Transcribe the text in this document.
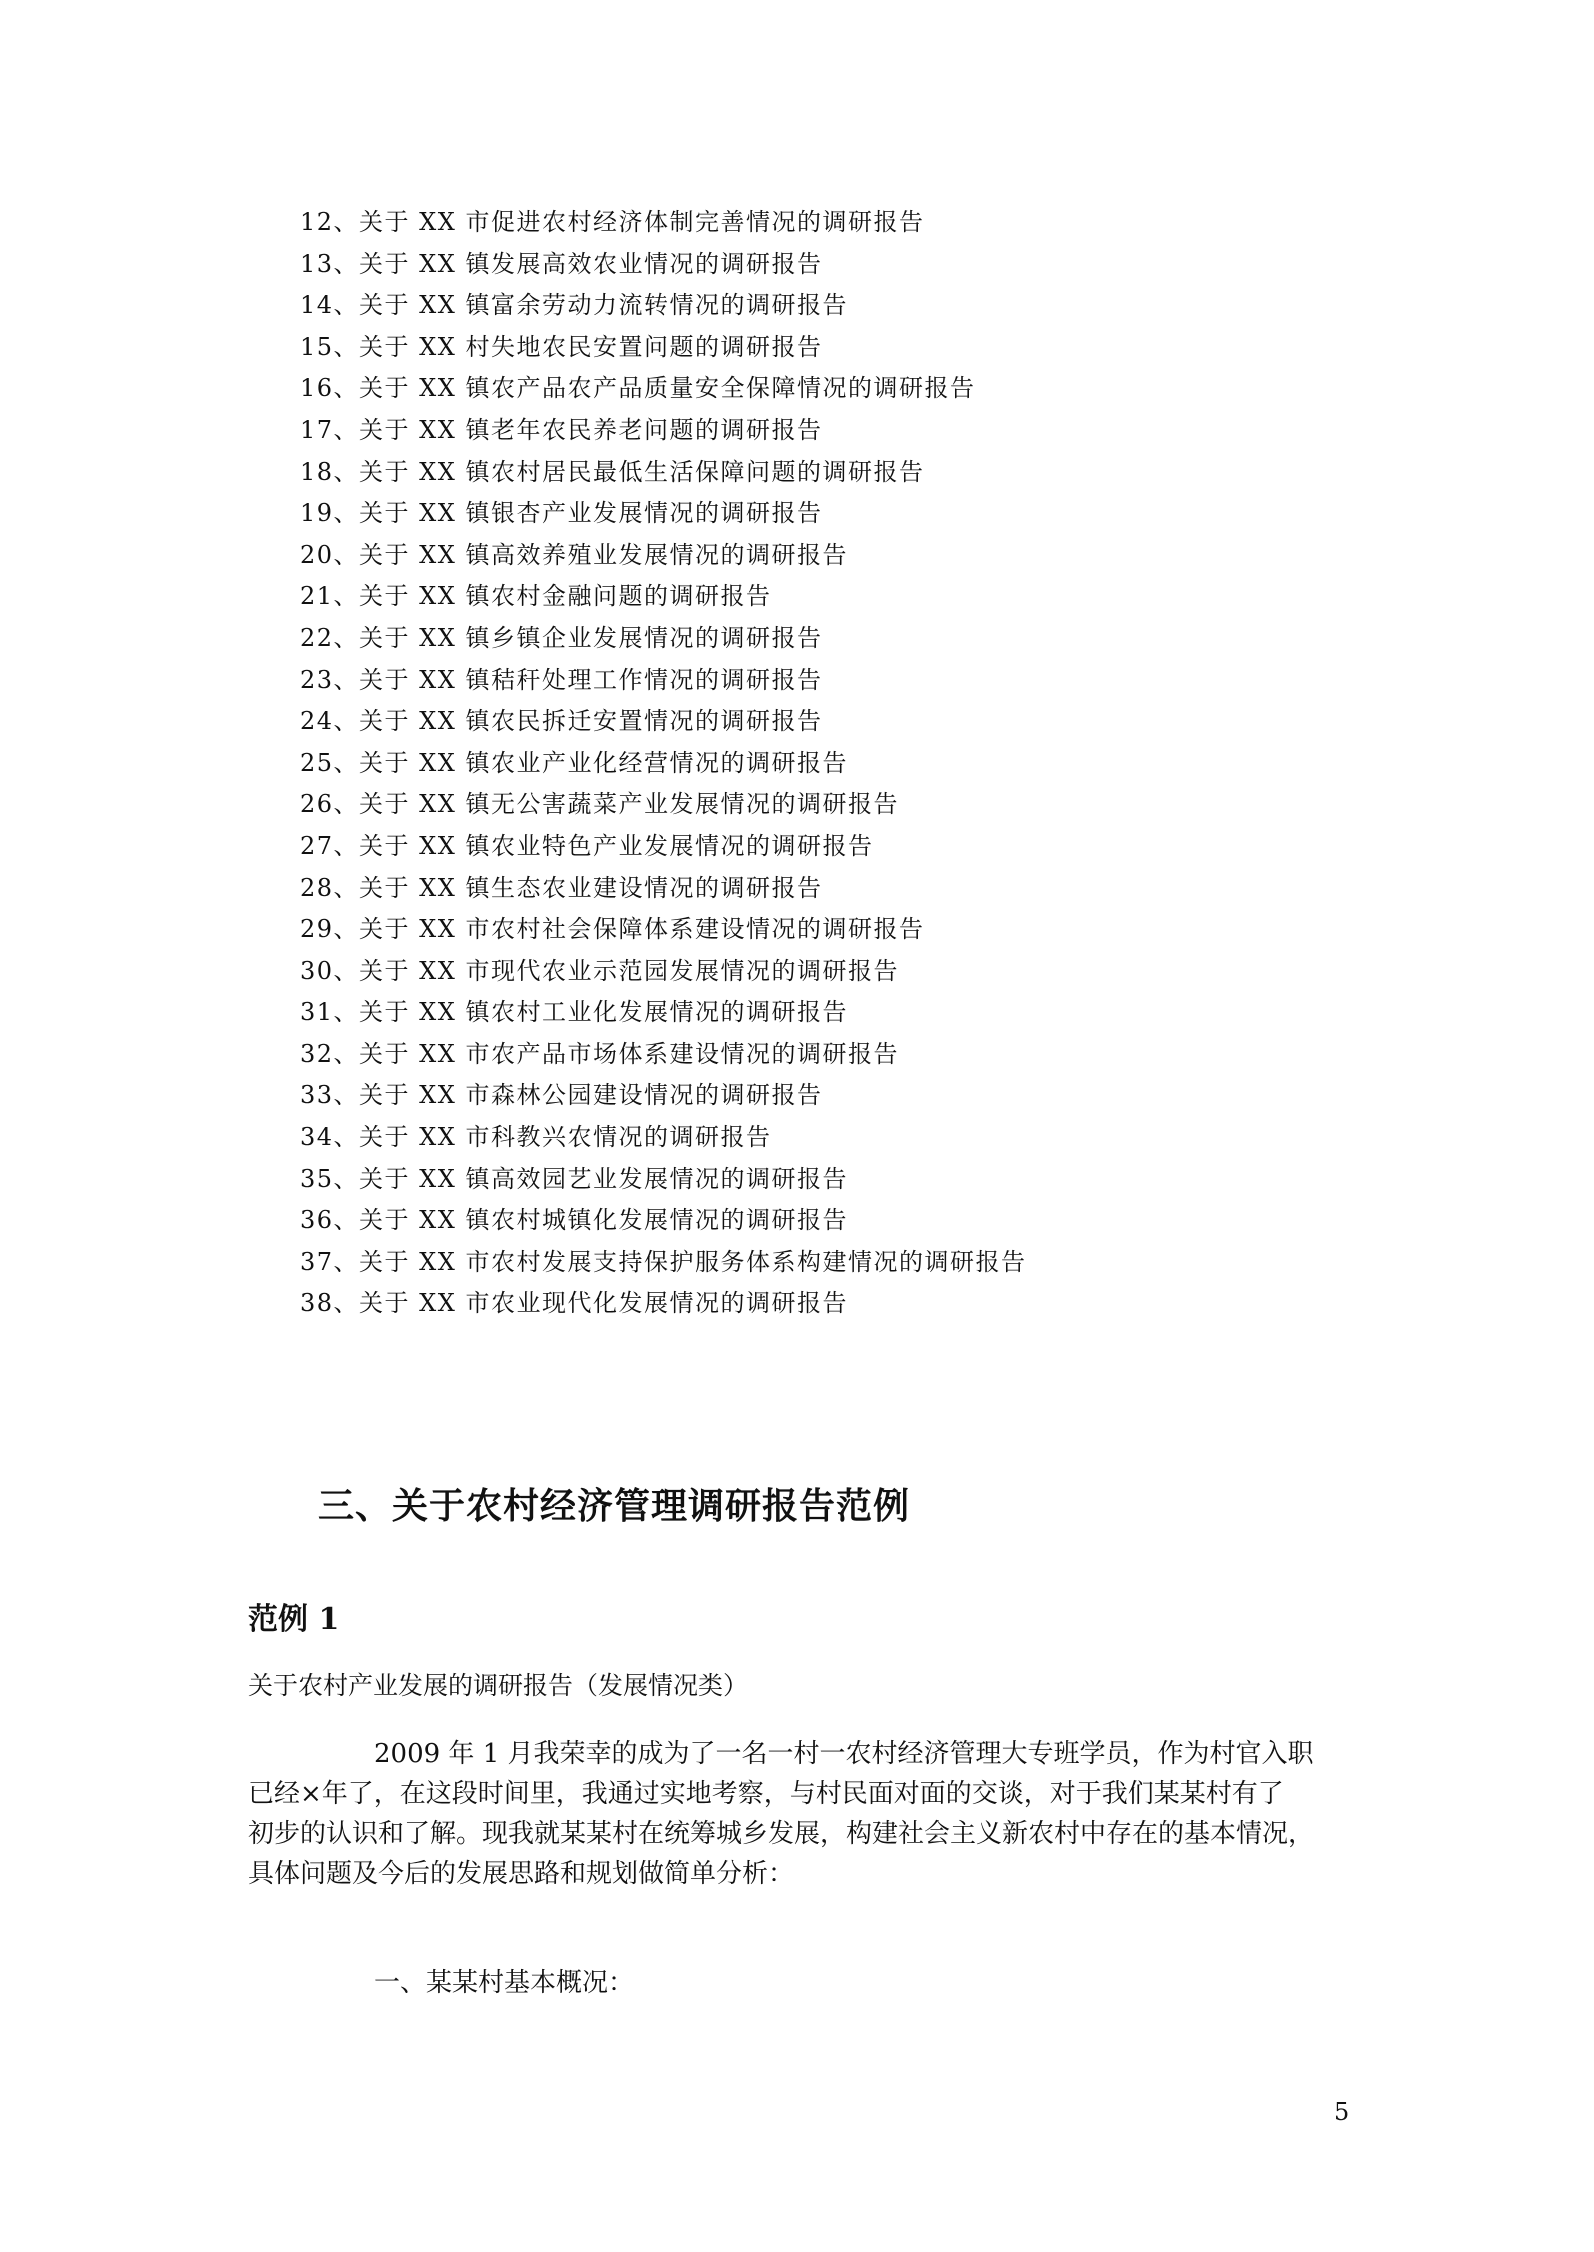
12、关于 XX 市促进农村经济体制完善情况的调研报告
13、关于 XX 镇发展高效农业情况的调研报告
14、关于 XX 镇富余劳动力流转情况的调研报告
15、关于 XX 村失地农民安置问题的调研报告
16、关于 XX 镇农产品农产品质量安全保障情况的调研报告
17、关于 XX 镇老年农民养老问题的调研报告
18、关于 XX 镇农村居民最低生活保障问题的调研报告
19、关于 XX 镇银杏产业发展情况的调研报告
20、关于 XX 镇高效养殖业发展情况的调研报告
21、关于 XX 镇农村金融问题的调研报告
22、关于 XX 镇乡镇企业发展情况的调研报告
23、关于 XX 镇秸秆处理工作情况的调研报告
24、关于 XX 镇农民拆迁安置情况的调研报告
25、关于 XX 镇农业产业化经营情况的调研报告
26、关于 XX 镇无公害蔬菜产业发展情况的调研报告
27、关于 XX 镇农业特色产业发展情况的调研报告
28、关于 XX 镇生态农业建设情况的调研报告
29、关于 XX 市农村社会保障体系建设情况的调研报告
30、关于 XX 市现代农业示范园发展情况的调研报告
31、关于 XX 镇农村工业化发展情况的调研报告
32、关于 XX 市农产品市场体系建设情况的调研报告
33、关于 XX 市森林公园建设情况的调研报告
34、关于 XX 市科教兴农情况的调研报告
35、关于 XX 镇高效园艺业发展情况的调研报告
36、关于 XX 镇农村城镇化发展情况的调研报告
37、关于 XX 市农村发展支持保护服务体系构建情况的调研报告
38、关于 XX 市农业现代化发展情况的调研报告
三、关于农村经济管理调研报告范例
范例 1

关于农村产业发展的调研报告（发展情况类）

2009 年 1 月我荣幸的成为了一名一村一农村经济管理大专班学员，作为村官入职
已经×年了，在这段时间里，我通过实地考察，与村民面对面的交谈，对于我们某某村有了
初步的认识和了解。现我就某某村在统筹城乡发展，构建社会主义新农村中存在的基本情况，
具体问题及今后的发展思路和规划做简单分析：

一、某某村基本概况：

5
